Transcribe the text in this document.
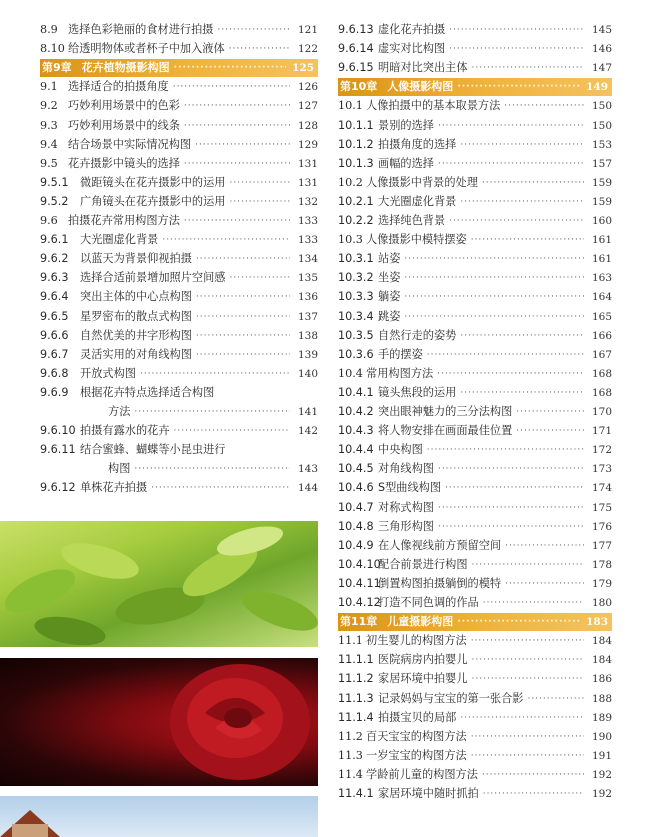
8.9 选择色彩艳丽的食材进行拍摄 ·····	121
8.10 给透明物体或者杯子中加入液体 ·····	122
第9章 花卉植物摄影构图 ·····	125
9.1 选择适合的拍摄角度 ·····	126
9.2 巧妙利用场景中的色彩 ·····	127
9.3 巧妙利用场景中的线条 ·····	128
9.4 结合场景中实际情况构图 ·····	129
9.5 花卉摄影中镜头的选择 ·····	131
9.5.1	微距镜头在花卉摄影中的运用 ·····	131
9.5.2	广角镜头在花卉摄影中的运用 ·····	132
9.6 拍摄花卉常用构图方法 ·····	133
9.6.1	大光圈虚化背景 ·····	133
9.6.2	以蓝天为背景仰视拍摄 ·····	134
9.6.3	选择合适前景增加照片空间感 ·····	135
9.6.4	突出主体的中心点构图 ·····	136
9.6.5	星罗密布的散点式构图 ·····	137
9.6.6	自然优美的井字形构图 ·····	138
9.6.7	灵活实用的对角线构图 ·····	139
9.6.8	开放式构图 ·····	140
9.6.9	根据花卉特点选择适合构图
方法 ·····	141
9.6.10 拍摄有露水的花卉 ·····	142
9.6.11 结合蜜蜂、蝴蝶等小昆虫进行
构图 ·····	143
9.6.12 单株花卉拍摄 ·····	144
9.6.13 虚化花卉拍摄 ·····	145
9.6.14 虚实对比构图 ·····	146
9.6.15 明暗对比突出主体 ·····	147
第10章 人像摄影构图 ·····	149
10.1 人像拍摄中的基本取景方法 ·····	150
10.1.1 景别的选择 ·····	150
10.1.2 拍摄角度的选择 ·····	153
10.1.3 画幅的选择 ·····	157
10.2 人像摄影中背景的处理 ·····	159
10.2.1 大光圈虚化背景 ·····	159
10.2.2 选择纯色背景 ·····	160
10.3 人像摄影中模特摆姿 ·····	161
10.3.1 站姿 ·····	161
10.3.2 坐姿 ·····	163
10.3.3 躺姿 ·····	164
10.3.4 跳姿 ·····	165
10.3.5 自然行走的姿势 ·····	166
10.3.6 手的摆姿 ·····	167
10.4 常用构图方法 ·····	168
10.4.1 镜头焦段的运用 ·····	168
10.4.2 突出眼神魅力的三分法构图 ·····	170
10.4.3 将人物安排在画面最佳位置 ·····	171
10.4.4 中央构图 ·····	172
10.4.5 对角线构图 ·····	173
10.4.6 S型曲线构图 ·····	174
10.4.7 对称式构图 ·····	175
10.4.8 三角形构图 ·····	176
10.4.9 在人像视线前方预留空间 ·····	177
10.4.10
配合前景进行构图 ·····	178
10.4.11
倒置构图拍摄躺倒的模特 ·····	179
10.4.12
打造不同色调的作品 ·····	180
第11章 儿童摄影构图 ·····	183
11.1 初生婴儿的构图方法 ·····	184
11.1.1 医院病房内拍婴儿 ·····	184
11.1.2 家居环境中拍婴儿 ·····	186
11.1.3 记录妈妈与宝宝的第一张合影 ·····	188
11.1.4 拍摄宝贝的局部 ·····	189
11.2 百天宝宝的构图方法 ·····	190
11.3 一岁宝宝的构图方法 ·····	191
11.4 学龄前儿童的构图方法 ·····	192
11.4.1 家居环境中随时抓拍 ·····	192
